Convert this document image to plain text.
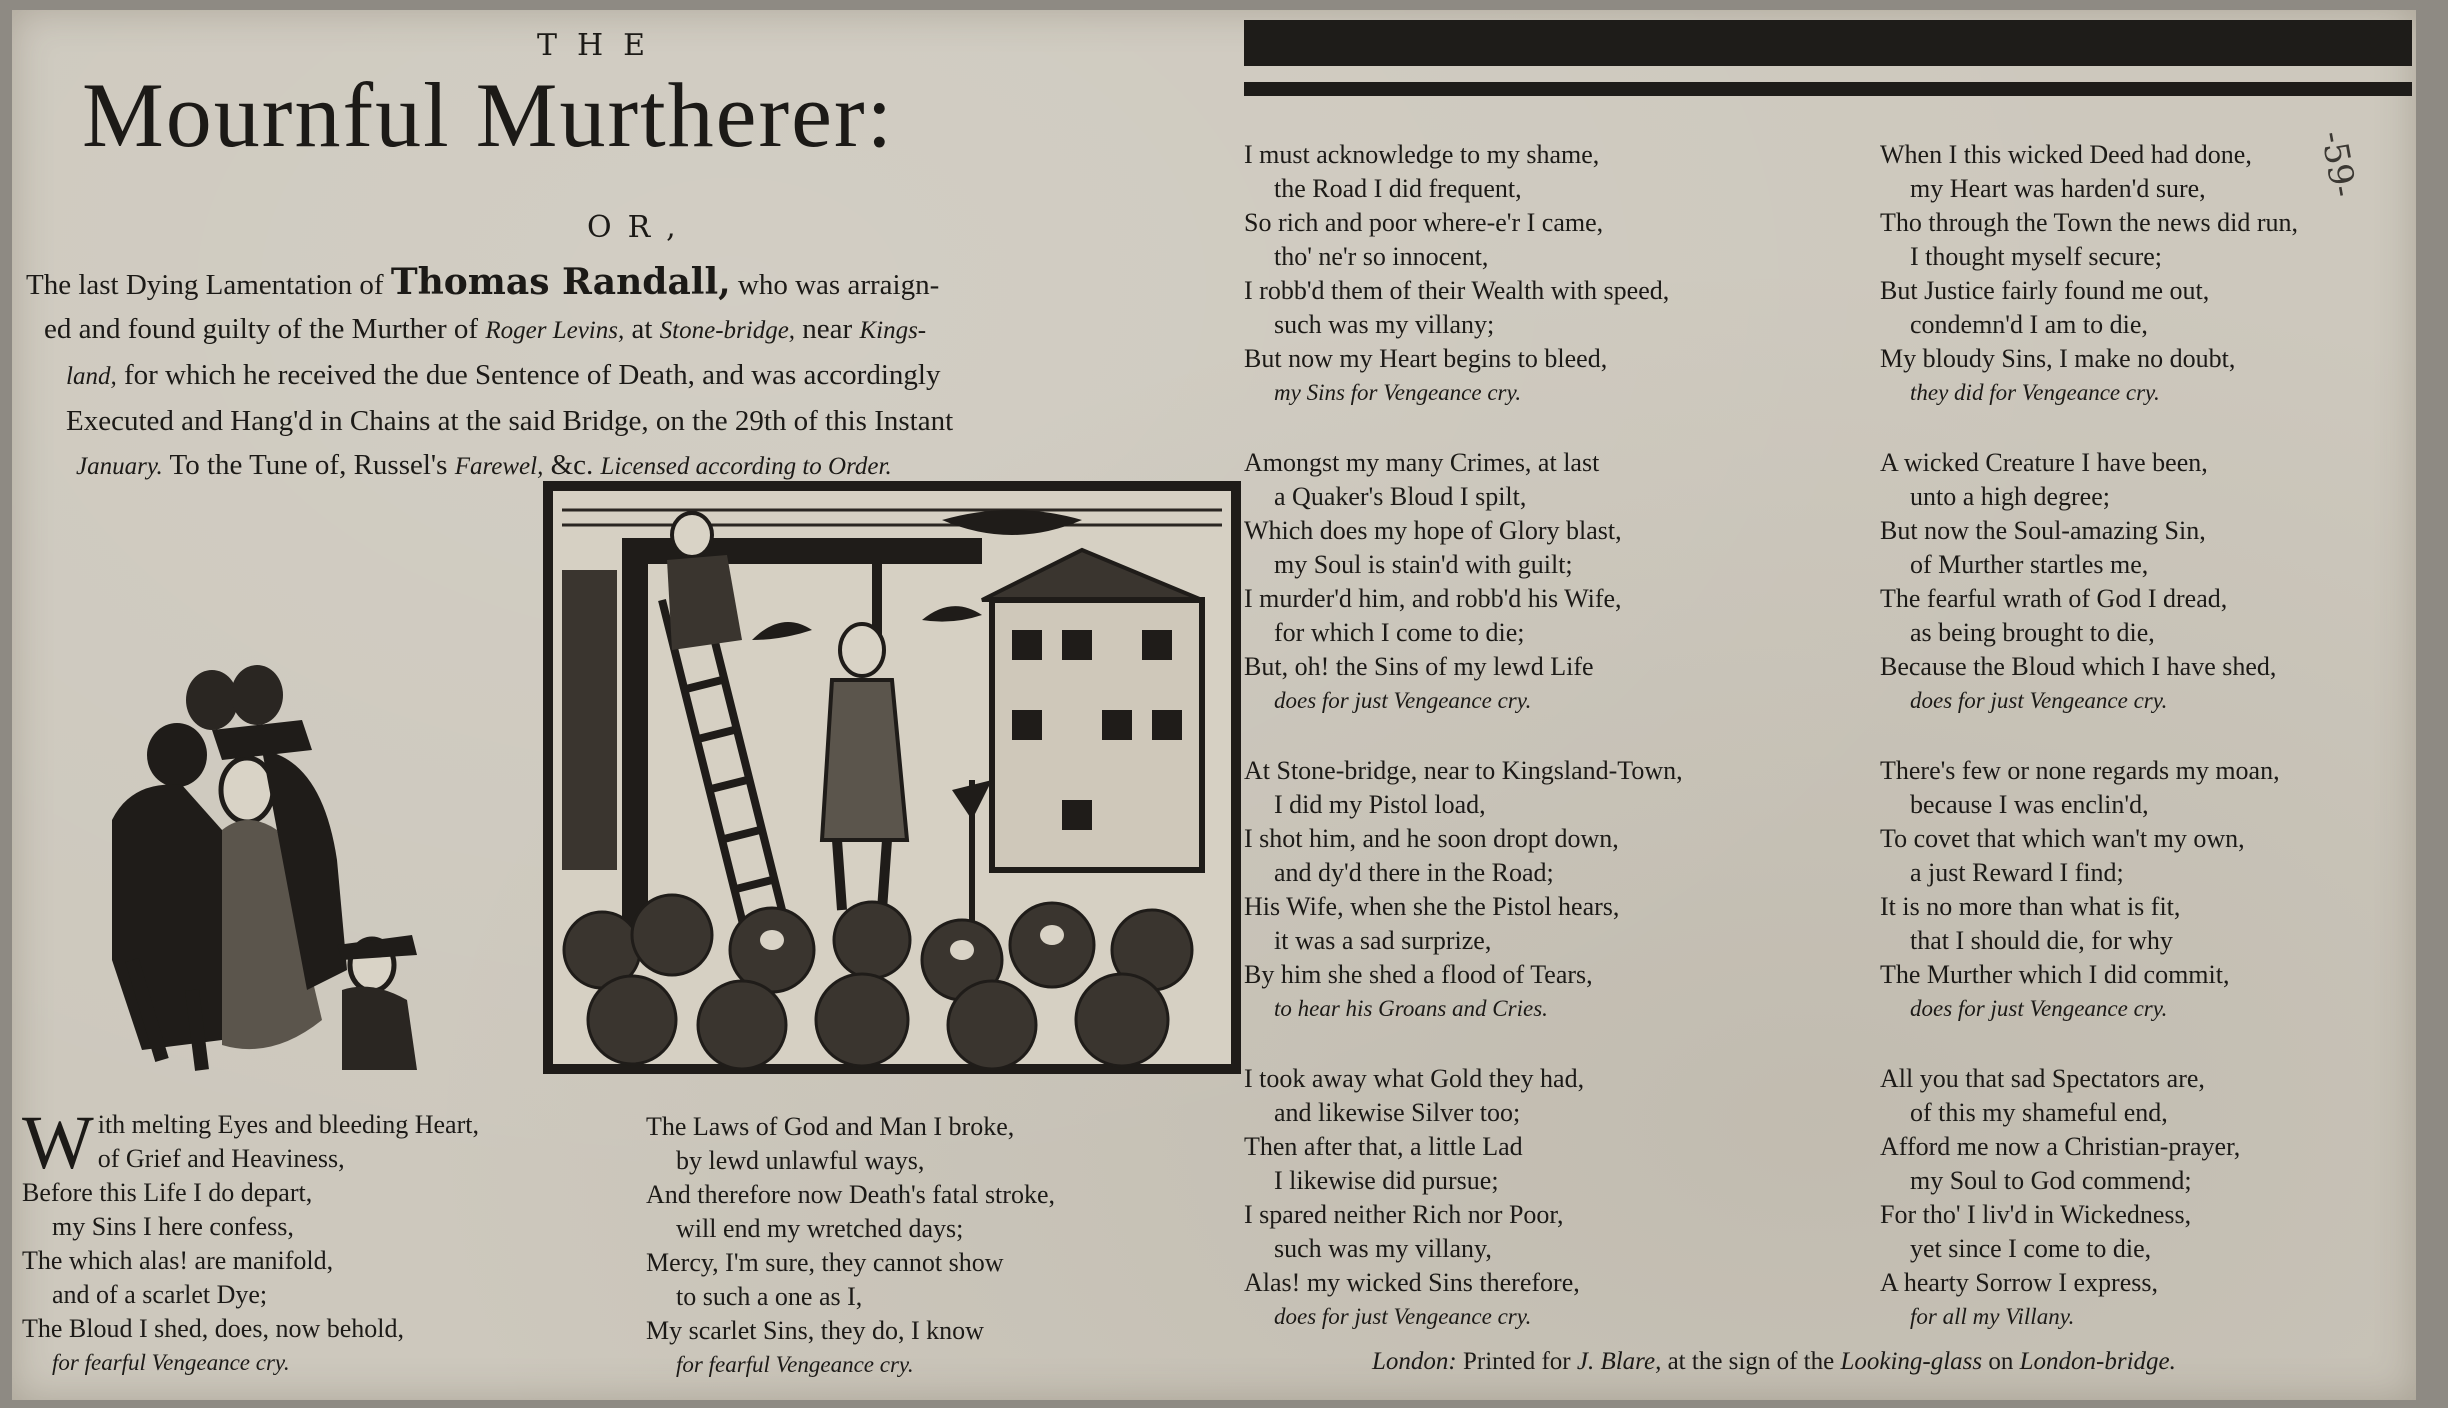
THE
Mournful Murtherer:
OR,
The last Dying Lamentation of Thomas Randall, who was arraign-
ed and found guilty of the Murther of Roger Levins, at Stone-bridge, near Kings-
land, for which he received the due Sentence of Death, and was accordingly
Executed and Hang'd in Chains at the said Bridge, on the 29th of this Instant
January. To the Tune of, Russel's Farewel, &c. Licensed according to Order.
W ith melting Eyes and bleeding Heart,
of Grief and Heaviness,
Before this Life I do depart,
my Sins I here confess,
The which alas! are manifold,
and of a scarlet Dye;
The Bloud I shed, does, now behold,
for fearful Vengeance cry.
The Laws of God and Man I broke,
by lewd unlawful ways,
And therefore now Death's fatal stroke,
will end my wretched days;
Mercy, I'm sure, they cannot show
to such a one as I,
My scarlet Sins, they do, I know
for fearful Vengeance cry.
I must acknowledge to my shame,
the Road I did frequent,
So rich and poor where-e'r I came,
tho' ne'r so innocent,
I robb'd them of their Wealth with speed,
such was my villany;
But now my Heart begins to bleed,
my Sins for Vengeance cry.
Amongst my many Crimes, at last
a Quaker's Bloud I spilt,
Which does my hope of Glory blast,
my Soul is stain'd with guilt;
I murder'd him, and robb'd his Wife,
for which I come to die;
But, oh! the Sins of my lewd Life
does for just Vengeance cry.
At Stone-bridge, near to Kingsland-Town,
I did my Pistol load,
I shot him, and he soon dropt down,
and dy'd there in the Road;
His Wife, when she the Pistol hears,
it was a sad surprize,
By him she shed a flood of Tears,
to hear his Groans and Cries.
I took away what Gold they had,
and likewise Silver too;
Then after that, a little Lad
I likewise did pursue;
I spared neither Rich nor Poor,
such was my villany,
Alas! my wicked Sins therefore,
does for just Vengeance cry.
When I this wicked Deed had done,
my Heart was harden'd sure,
Tho through the Town the news did run,
I thought myself secure;
But Justice fairly found me out,
condemn'd I am to die,
My bloudy Sins, I make no doubt,
they did for Vengeance cry.
A wicked Creature I have been,
unto a high degree;
But now the Soul-amazing Sin,
of Murther startles me,
The fearful wrath of God I dread,
as being brought to die,
Because the Bloud which I have shed,
does for just Vengeance cry.
There's few or none regards my moan,
because I was enclin'd,
To covet that which wan't my own,
a just Reward I find;
It is no more than what is fit,
that I should die, for why
The Murther which I did commit,
does for just Vengeance cry.
All you that sad Spectators are,
of this my shameful end,
Afford me now a Christian-prayer,
my Soul to God commend;
For tho' I liv'd in Wickedness,
yet since I come to die,
A hearty Sorrow I express,
for all my Villany.
London: Printed for J. Blare, at the sign of the Looking-glass on London-bridge.
-59-
